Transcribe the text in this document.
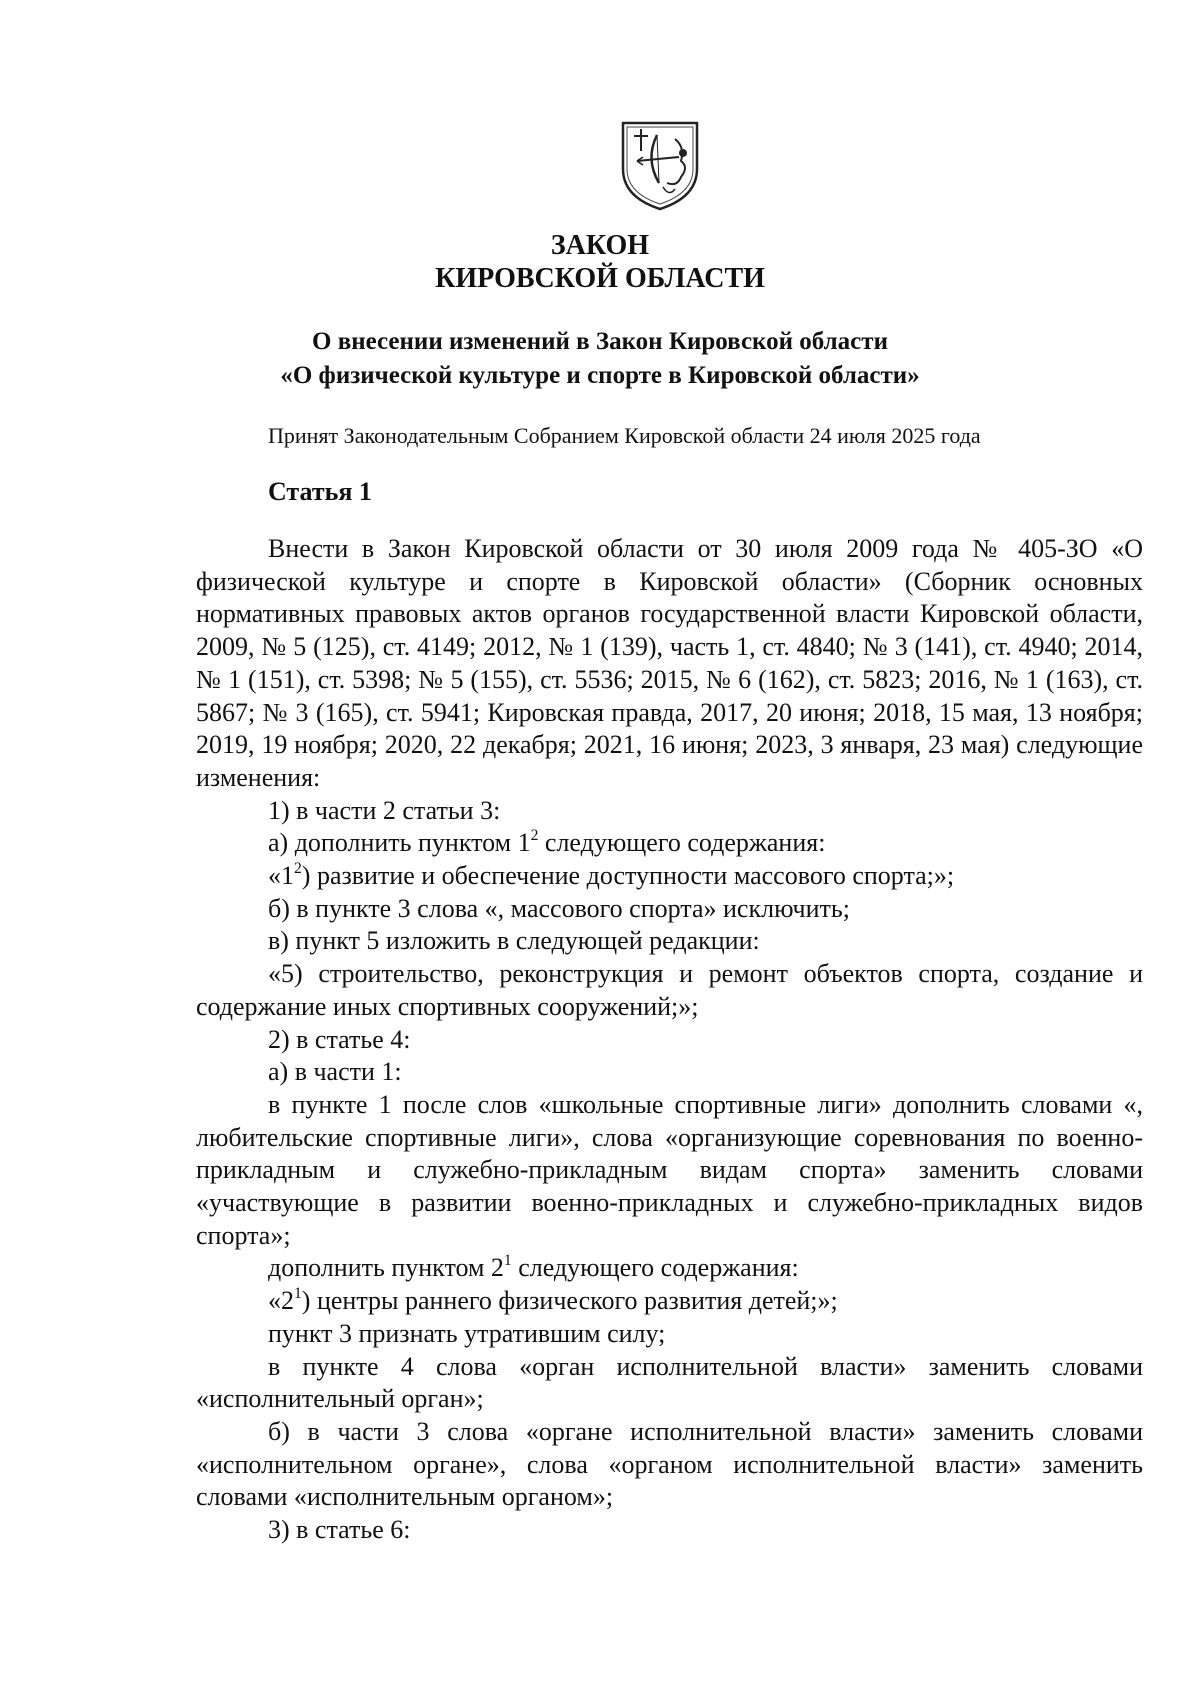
ЗАКОН
КИРОВСКОЙ ОБЛАСТИ
О внесении изменений в Закон Кировской области
«О физической культуре и спорте в Кировской области»
Принят Законодательным Собранием Кировской области 24 июля 2025 года
Статья 1

Внести в Закон Кировской области от 30 июля 2009 года № 405-ЗО «О физической культуре и спорте в Кировской области» (Сборник основных нормативных правовых актов органов государственной власти Кировской области, 2009, № 5 (125), ст. 4149; 2012, № 1 (139), часть 1, ст. 4840; № 3 (141), ст. 4940; 2014, № 1 (151), ст. 5398; № 5 (155), ст. 5536; 2015, № 6 (162), ст. 5823; 2016, № 1 (163), ст. 5867; № 3 (165), ст. 5941; Кировская правда, 2017, 20 июня; 2018, 15 мая, 13 ноября; 2019, 19 ноября; 2020, 22 декабря; 2021, 16 июня; 2023, 3 января, 23 мая) следующие изменения:

1) в части 2 статьи 3:

а) дополнить пунктом $1^2$ следующего содержания:

«$1^2$) развитие и обеспечение доступности массового спорта;»;

б) в пункте 3 слова «, массового спорта» исключить;

в) пункт 5 изложить в следующей редакции:

«5) строительство, реконструкция и ремонт объектов спорта, создание и содержание иных спортивных сооружений;»;

2) в статье 4:

а) в части 1:

в пункте 1 после слов «школьные спортивные лиги» дополнить словами «, любительские спортивные лиги», слова «организующие соревнования по военно-прикладным и служебно-прикладным видам спорта» заменить словами «участвующие в развитии военно-прикладных и служебно-прикладных видов спорта»;

дополнить пунктом $2^1$ следующего содержания:

«$2^1$) центры раннего физического развития детей;»;

пункт 3 признать утратившим силу;

в пункте 4 слова «орган исполнительной власти» заменить словами «исполнительный орган»;

б) в части 3 слова «органе исполнительной власти» заменить словами «исполнительном органе», слова «органом исполнительной власти» заменить словами «исполнительным органом»;

3) в статье 6:
